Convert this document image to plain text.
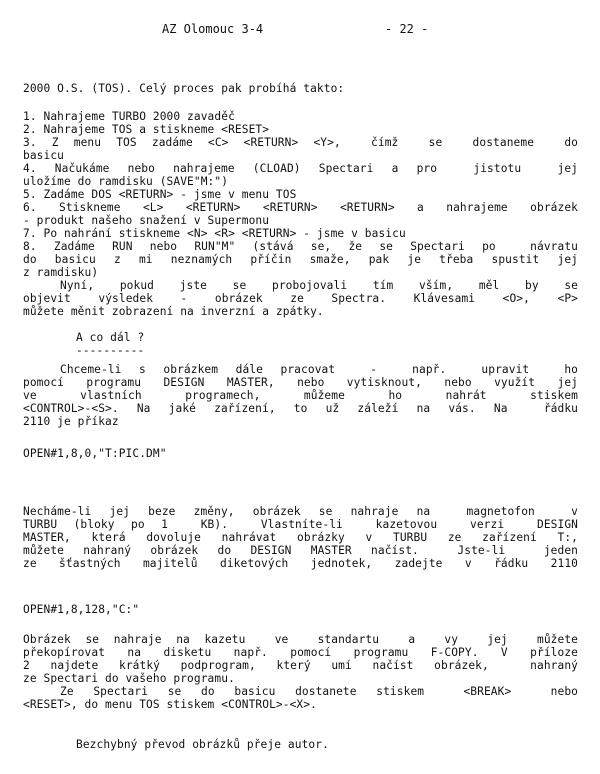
AZ Olomouc 3-4	- 22 -
2000 O.S. (TOS). Celý proces pak probíhá takto:
1. Nahrajeme TURBO 2000 zavaděč
2. Nahrajeme TOS a stiskneme <RESET>
3. Z menu TOS zadáme <C> <RETURN> <Y>,  čímž  se  dostaneme  do
basicu
4. Načukáme nebo nahrajeme (CLOAD) Spectari a pro  jistotu  jej
uložíme do ramdisku (SAVE"M:")
5. Zadáme DOS <RETURN> - jsme v menu TOS
6. Stiskneme <L> <RETURN> <RETURN> <RETURN> a nahrajeme obrázek
- produkt našeho snažení v Supermonu
7. Po nahrání stiskneme <N> <R> <RETURN> - jsme v basicu
8. Zadáme RUN nebo RUN"M" (stává se, že se Spectari po  návratu
do basicu z mi neznamých příčin smaže, pak je třeba spustit jej
z ramdisku)
Nyní, pokud jste se probojovali tím vším, měl by se
objevit výsledek - obrázek ze Spectra. Klávesami <O>, <P>
můžete měnit zobrazení na inverzní a zpátky.
A co dál ?
----------
Chceme-li s obrázkem dále pracovat  -  např.  upravit  ho
pomocí programu DESIGN MASTER, nebo vytisknout, nebo využít jej
ve  vlastních  programech,  můžeme  ho  nahrát  stiskem
<CONTROL>-<S>. Na jaké zařízení, to už záleží na vás. Na  řádku
2110 je příkaz
OPEN#1,8,0,"T:PIC.DM"
Necháme-li jej beze změny, obrázek se nahraje na  magnetofon  v
TURBU (bloky po 1  KB).  Vlastníte-li  kazetovou  verzi  DESIGN
MASTER, která dovoluje nahrávat obrázky v TURBU ze zařízení T:,
můžete nahraný obrázek do DESIGN MASTER načíst.  Jste-li  jeden
ze šťastných majitelů diketových jednotek, zadejte v řádku 2110
OPEN#1,8,128,"C:"
Obrázek se nahraje na kazetu  ve  standartu  a  vy  jej  můžete
překopírovat na disketu např. pomocí programu F-COPY. V příloze
2 najdete krátký podprogram, který umí načíst obrázek,  nahraný
ze Spectari do vašeho programu.
Ze Spectari se do basicu dostanete stiskem  <BREAK>  nebo
<RESET>, do menu TOS stiskem <CONTROL>-<X>.
Bezchybný převod obrázků přeje autor.
